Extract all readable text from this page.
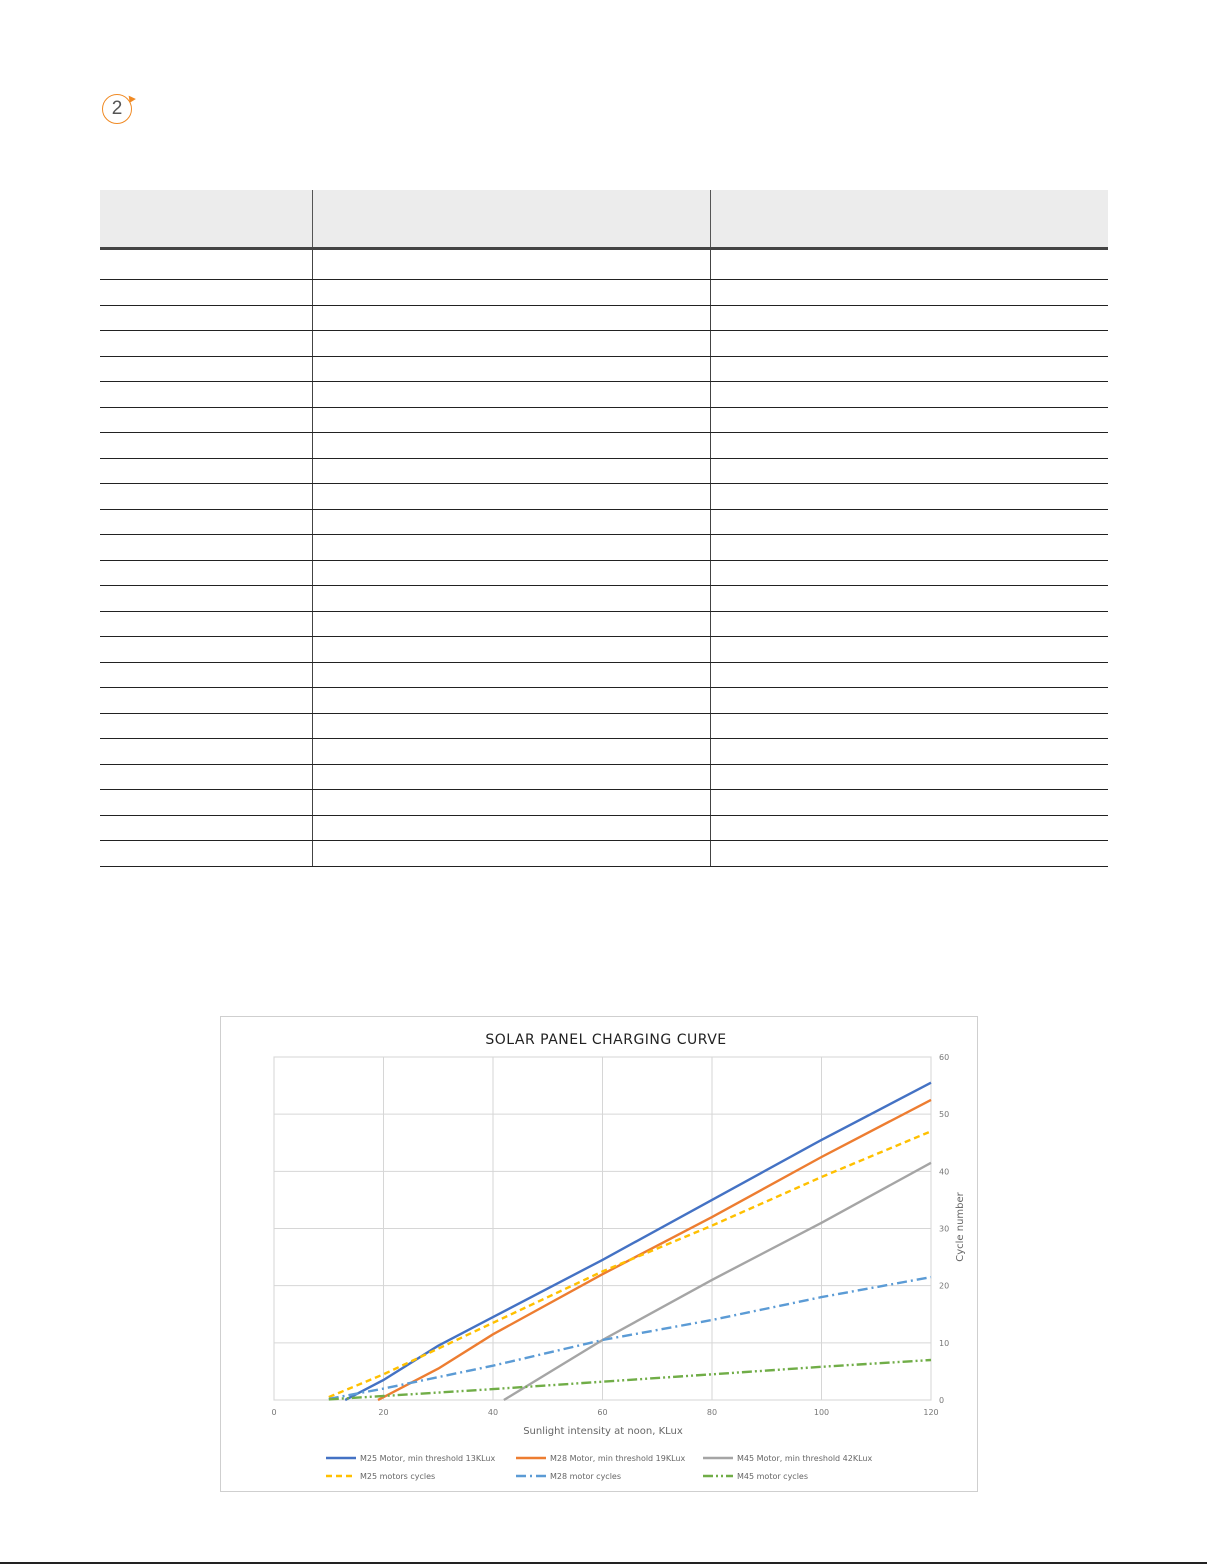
2

SOLAR PANEL CHARGING CURVE
0	20	40	60	80	100	120
0
10
20
30
40
50
60
Sunlight intensity at noon, KLux
Cycle number
M25 Motor, min threshold 13KLux	M28 Motor, min threshold 19KLux	M45 Motor, min threshold 42KLux
M25 motors cycles	M28 motor cycles	M45 motor cycles
